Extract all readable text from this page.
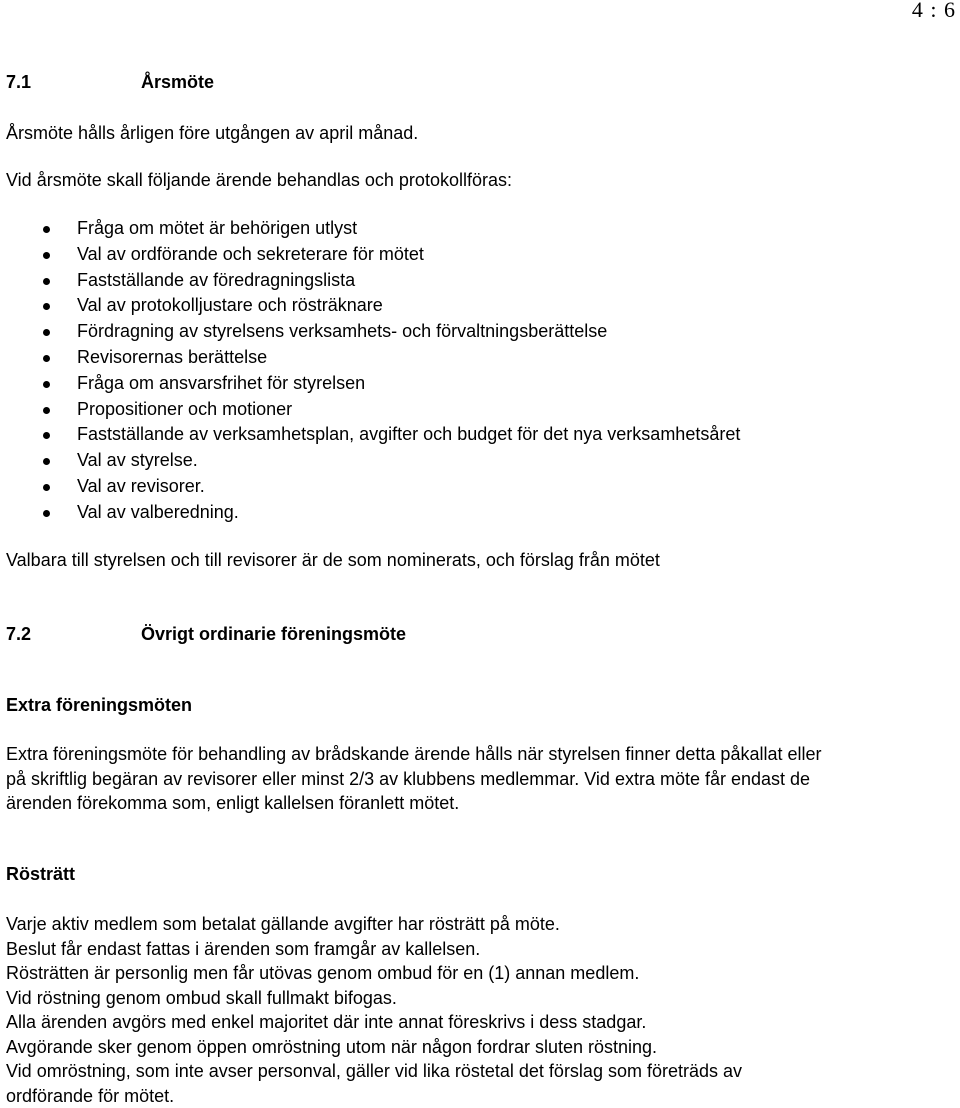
4 : 6
7.1	Årsmöte
Årsmöte hålls årligen före utgången av april månad.
Vid årsmöte skall följande ärende behandlas och protokollföras:
Fråga om mötet är behörigen utlyst
Val av ordförande och sekreterare för mötet
Fastställande av föredragningslista
Val av protokolljustare och rösträknare
Fördragning av styrelsens verksamhets- och förvaltningsberättelse
Revisorernas berättelse
Fråga om ansvarsfrihet för styrelsen
Propositioner och motioner
Fastställande av verksamhetsplan, avgifter och budget för det nya verksamhetsåret
Val av styrelse.
Val av revisorer.
Val av valberedning.
Valbara till styrelsen och till revisorer är de som nominerats, och förslag från mötet
7.2	Övrigt ordinarie föreningsmöte
Extra föreningsmöten
Extra föreningsmöte för behandling av brådskande ärende hålls när styrelsen finner detta påkallat eller
på skriftlig begäran av revisorer eller minst 2/3 av klubbens medlemmar. Vid extra möte får endast de
ärenden förekomma som, enligt kallelsen föranlett mötet.
Rösträtt
Varje aktiv medlem som betalat gällande avgifter har rösträtt på möte.
Beslut får endast fattas i ärenden som framgår av kallelsen.
Rösträtten är personlig men får utövas genom ombud för en (1) annan medlem.
Vid röstning genom ombud skall fullmakt bifogas.
Alla ärenden avgörs med enkel majoritet där inte annat föreskrivs i dess stadgar.
Avgörande sker genom öppen omröstning utom när någon fordrar sluten röstning.
Vid omröstning, som inte avser personval, gäller vid lika röstetal det förslag som företräds av
ordförande för mötet.
